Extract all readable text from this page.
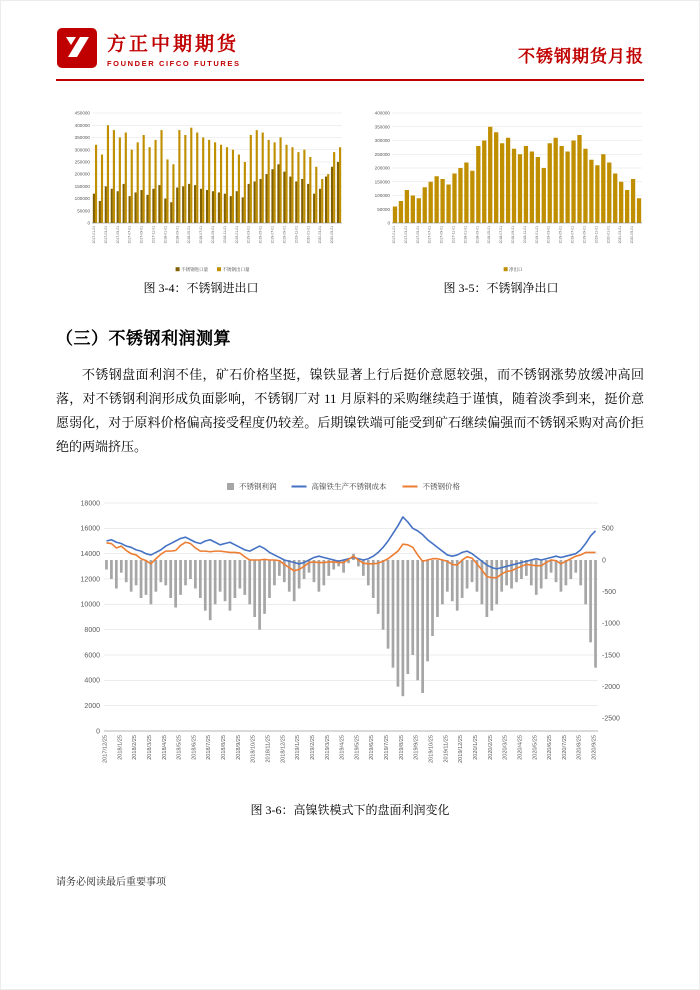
方正中期期货
FOUNDER CIFCO FUTURES	不锈钢期货月报
0
50000
100000
150000
200000
250000
300000
350000
400000
450000
2017-01-01 2017-03-01 2017-05-01 2017-07-01 2017-09-01 2017-11-01 2018-01-01 2018-03-01 2018-05-01 2018-07-01 2018-09-01 2018-11-01 2019-01-01 2019-03-01 2019-05-01 2019-07-01 2019-09-01 2019-11-01 2020-01-01 2020-03-01 2020-05-01
不锈钢进口量	不锈钢出口量
图 3-4：不锈钢进出口
0
50000
100000
150000
200000
250000
300000
350000
400000
2017-01-01 2017-03-01 2017-05-01 2017-07-01 2017-09-01 2017-11-01 2018-01-01 2018-03-01 2018-05-01 2018-07-01 2018-09-01 2018-11-01 2019-01-01 2019-03-01 2019-05-01 2019-07-01 2019-09-01 2019-11-01 2020-01-01 2020-03-01 2020-05-01
净出口
图 3-5：不锈钢净出口
（三）不锈钢利润测算

不锈钢盘面利润不佳，矿石价格坚挺，镍铁显著上行后挺价意愿较强，而不锈钢涨势放缓冲高回落，对不锈钢利润形成负面影响，不锈钢厂对 11 月原料的采购继续趋于谨慎，随着淡季到来，挺价意愿弱化，对于原料价格偏高接受程度仍较差。后期镍铁端可能受到矿石继续偏强而不锈钢采购对高价拒绝的两端挤压。

0
2000
4000
6000
8000
10000
12000
14000
16000
18000
500
0
-500
-1000
-1500
-2000
-2500
2017/12/25 2018/1/25 2018/2/25 2018/3/25 2018/4/25 2018/5/25 2018/6/25 2018/7/25 2018/8/25 2018/9/25 2018/10/25 2018/11/25 2018/12/25 2019/1/25 2019/2/25 2019/3/25 2019/4/25 2019/5/25 2019/6/25 2019/7/25 2019/8/25 2019/9/25 2019/10/25 2019/11/25 2019/12/25 2020/1/25 2020/2/25 2020/3/25 2020/4/25 2020/5/25 2020/6/25 2020/7/25 2020/8/25 2020/9/25
不锈钢利润	高镍铁生产不锈钢成本	不锈钢价格
图 3-6：高镍铁模式下的盘面利润变化
请务必阅读最后重要事项
